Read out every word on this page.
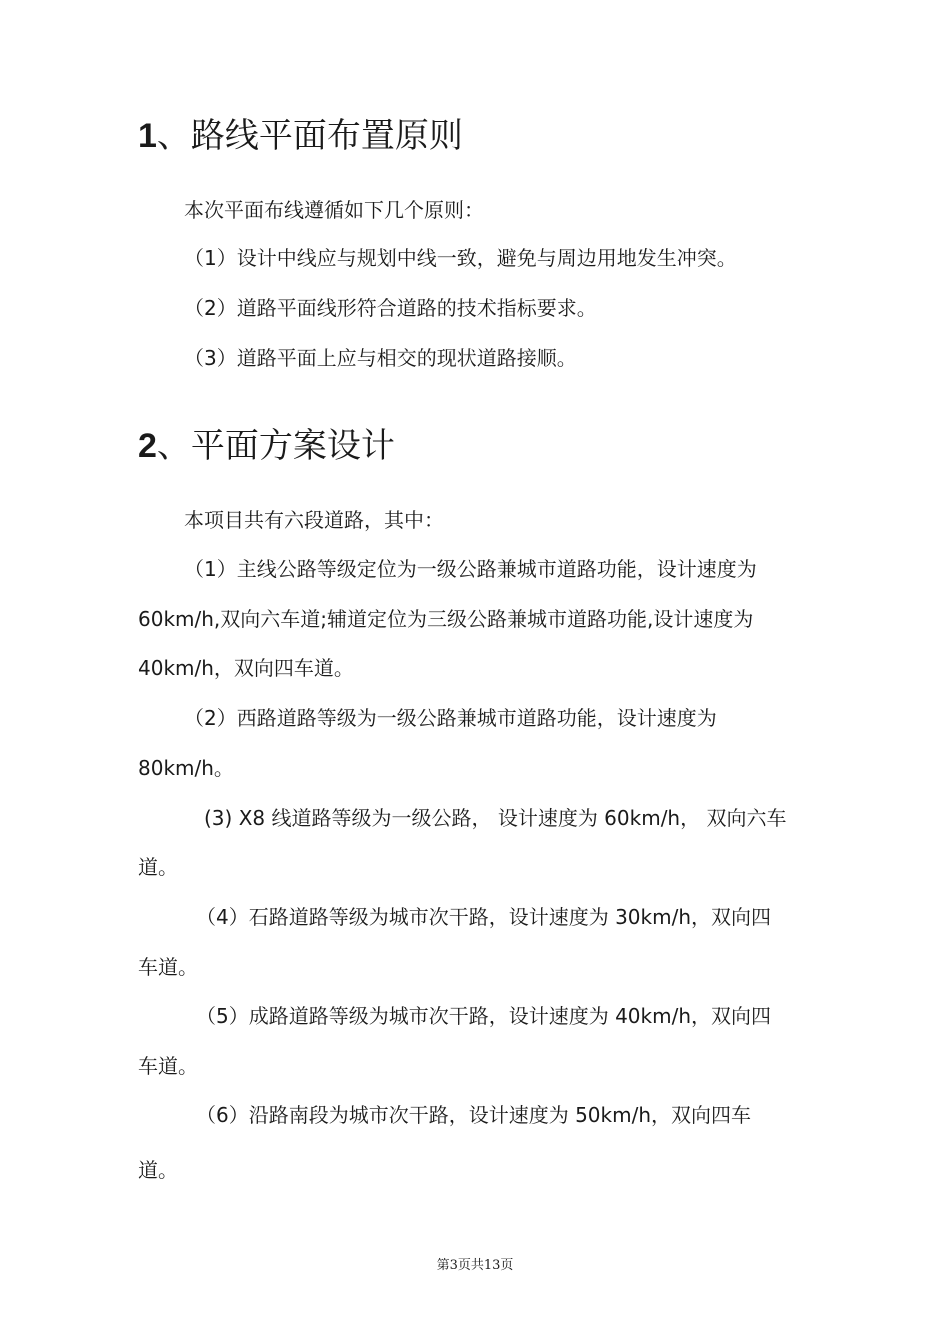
1、路线平面布置原则

本次平面布线遵循如下几个原则：

（1）设计中线应与规划中线一致，避免与周边用地发生冲突。

（2）道路平面线形符合道路的技术指标要求。

（3）道路平面上应与相交的现状道路接顺。

2、平面方案设计

本项目共有六段道路，其中：

（1）主线公路等级定位为一级公路兼城市道路功能，设计速度为

60km/h,双向六车道;辅道定位为三级公路兼城市道路功能,设计速度为

40km/h，双向四车道。

（2）西路道路等级为一级公路兼城市道路功能，设计速度为

80km/h。

(3) X8 线道路等级为一级公路， 设计速度为 60km/h， 双向六车

道。

（4）石路道路等级为城市次干路，设计速度为 30km/h，双向四

车道。

（5）成路道路等级为城市次干路，设计速度为 40km/h，双向四

车道。

（6）沿路南段为城市次干路，设计速度为 50km/h，双向四车

道。

第3页共13页
